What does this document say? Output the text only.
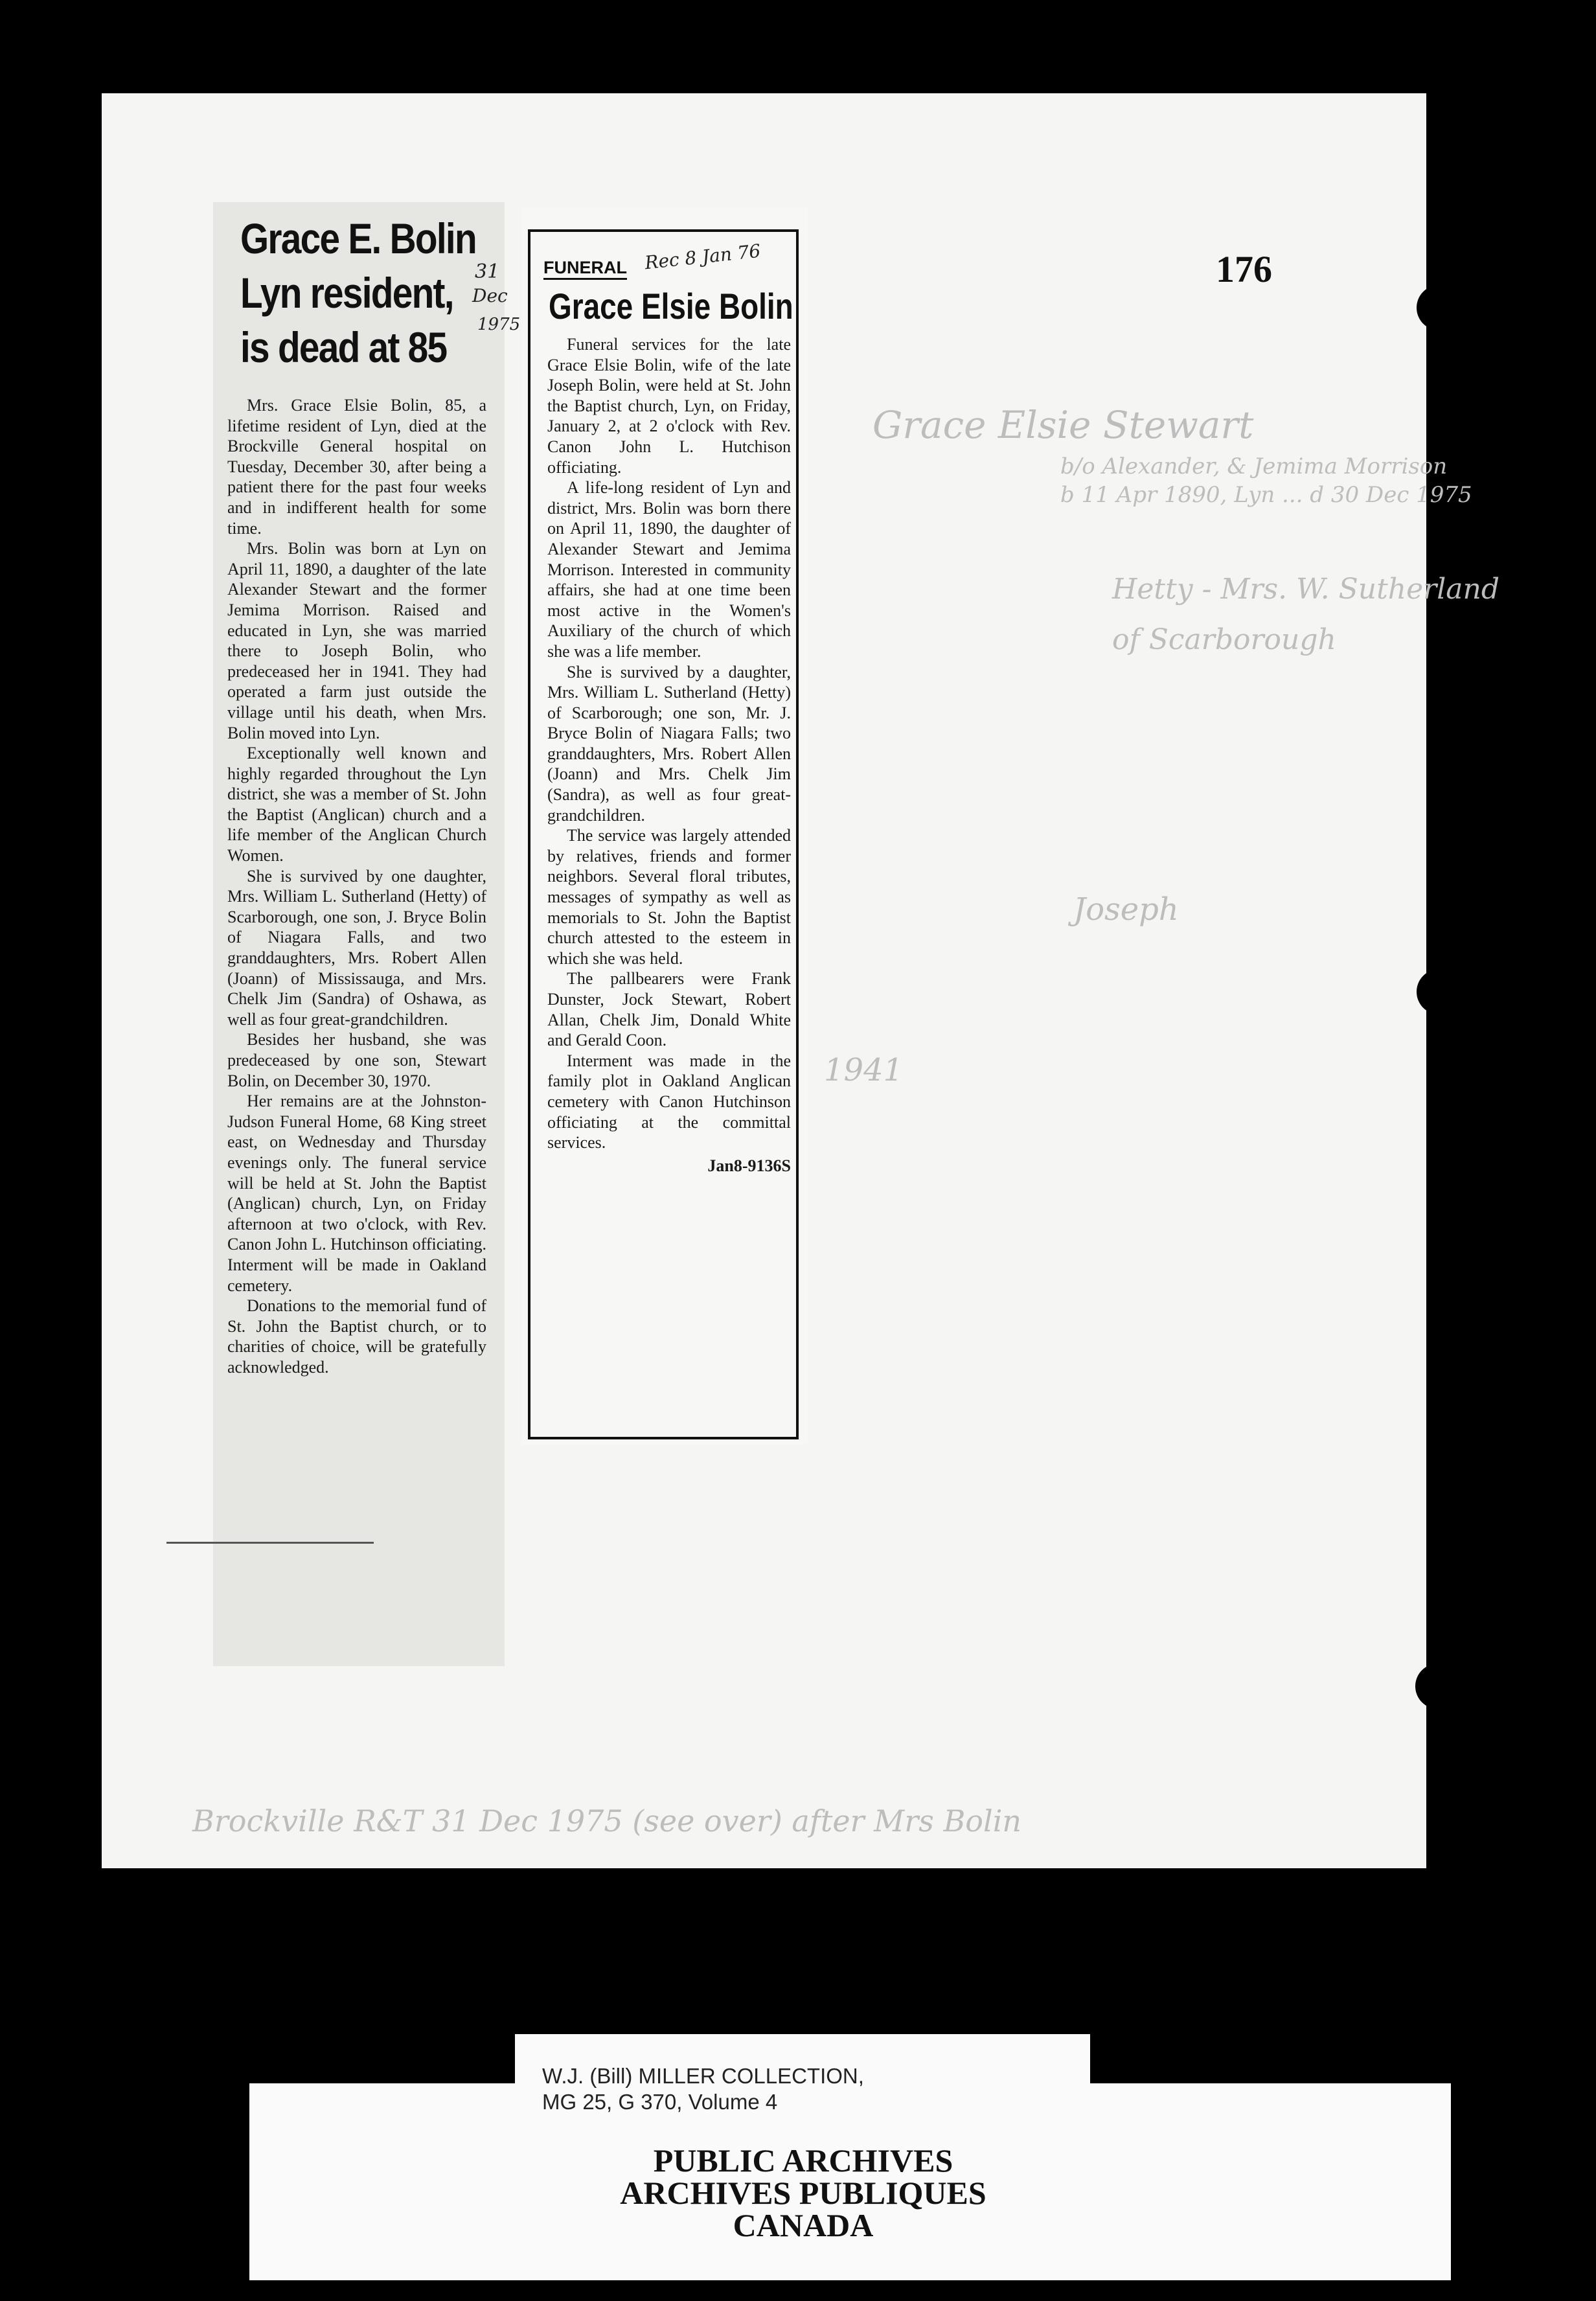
176
Grace Elsie Stewart
b/o Alexander, & Jemima Morrison
b 11 Apr 1890, Lyn ... d 30 Dec 1975
Hetty - Mrs. W. Sutherland
of Scarborough
Joseph
1941
Brockville R&T 31 Dec 1975 (see over) after Mrs Bolin
Grace E. Bolin
Lyn resident,
is dead at 85
31
Dec
1975

Mrs. Grace Elsie Bolin, 85, a lifetime resident of Lyn, died at the Brockville General hospital on Tuesday, December 30, after being a patient there for the past four weeks and in indifferent health for some time.

Mrs. Bolin was born at Lyn on April 11, 1890, a daughter of the late Alexander Stewart and the former Jemima Morrison. Raised and educated in Lyn, she was married there to Joseph Bolin, who predeceased her in 1941. They had operated a farm just outside the village until his death, when Mrs. Bolin moved into Lyn.

Exceptionally well known and highly regarded throughout the Lyn district, she was a member of St. John the Baptist (Anglican) church and a life member of the Anglican Church Women.

She is survived by one daughter, Mrs. William L. Sutherland (Hetty) of Scarborough, one son, J. Bryce Bolin of Niagara Falls, and two granddaughters, Mrs. Robert Allen (Joann) of Mississauga, and Mrs. Chelk Jim (Sandra) of Oshawa, as well as four great-grandchildren.

Besides her husband, she was predeceased by one son, Stewart Bolin, on December 30, 1970.

Her remains are at the Johnston-Judson Funeral Home, 68 King street east, on Wednesday and Thursday evenings only. The funeral service will be held at St. John the Baptist (Anglican) church, Lyn, on Friday afternoon at two o'clock, with Rev. Canon John L. Hutchinson officiating. Interment will be made in Oakland cemetery.

Donations to the memorial fund of St. John the Baptist church, or to charities of choice, will be gratefully acknowledged.

FUNERAL Rec 8 Jan 76
Grace Elsie Bolin

Funeral services for the late Grace Elsie Bolin, wife of the late Joseph Bolin, were held at St. John the Baptist church, Lyn, on Friday, January 2, at 2 o'clock with Rev. Canon John L. Hutchison officiating.

A life-long resident of Lyn and district, Mrs. Bolin was born there on April 11, 1890, the daughter of Alexander Stewart and Jemima Morrison. Interested in community affairs, she had at one time been most active in the Women's Auxiliary of the church of which she was a life member.

She is survived by a daughter, Mrs. William L. Sutherland (Hetty) of Scarborough; one son, Mr. J. Bryce Bolin of Niagara Falls; two granddaughters, Mrs. Robert Allen (Joann) and Mrs. Chelk Jim (Sandra), as well as four great-grandchildren.

The service was largely attended by relatives, friends and former neighbors. Several floral tributes, messages of sympathy as well as memorials to St. John the Baptist church attested to the esteem in which she was held.

The pallbearers were Frank Dunster, Jock Stewart, Robert Allan, Chelk Jim, Donald White and Gerald Coon.

Interment was made in the family plot in Oakland Anglican cemetery with Canon Hutchinson officiating at the committal services.

Jan8-9136S
W.J. (Bill) MILLER COLLECTION,
MG 25, G 370, Volume 4
PUBLIC ARCHIVES
ARCHIVES PUBLIQUES
CANADA
